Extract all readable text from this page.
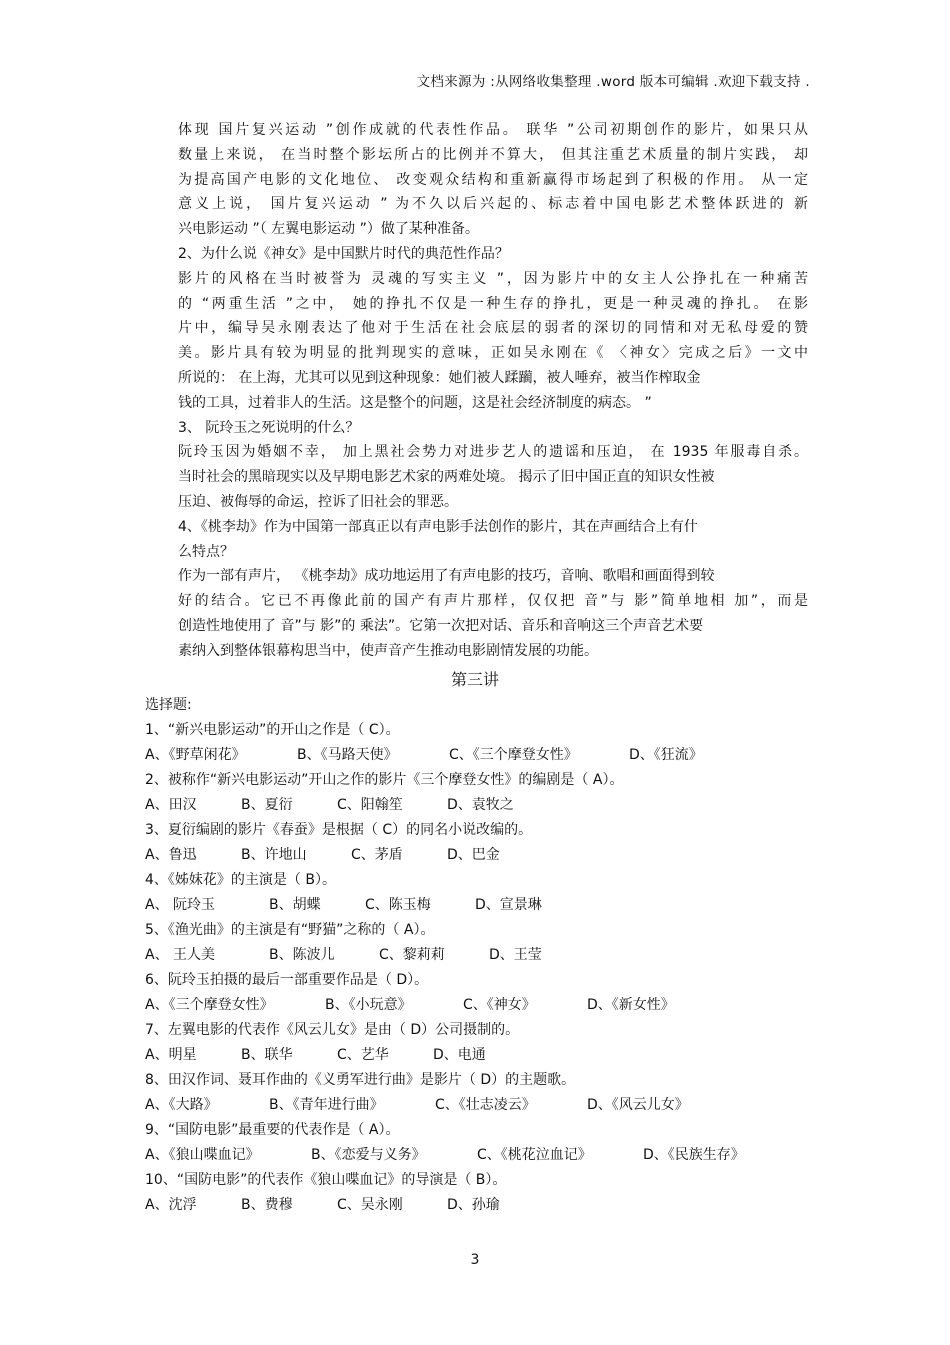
文档来源为 :从网络收集整理 .word 版本可编辑 .欢迎下载支持 .
体现 国片复兴运动 ”创作成就的代表性作品。 联华 ”公司初期创作的影片，如果只从
数量上来说， 在当时整个影坛所占的比例并不算大， 但其注重艺术质量的制片实践， 却
为提高国产电影的文化地位、 改变观众结构和重新赢得市场起到了积极的作用。 从一定
意义上说， 国片复兴运动 ” 为不久以后兴起的、标志着中国电影艺术整体跃进的 新
兴电影运动 ”（ 左翼电影运动 ”）做了某种准备。
2、为什么说《神女》是中国默片时代的典范性作品？
影片的风格在当时被誉为 灵魂的写实主义 ”，因为影片中的女主人公挣扎在一种痛苦
的 “两重生活 ”之中， 她的挣扎不仅是一种生存的挣扎，更是一种灵魂的挣扎。 在影
片中，编导吴永刚表达了他对于生活在社会底层的弱者的深切的同情和对无私母爱的赞
美。影片具有较为明显的批判现实的意味，正如吴永刚在《 〈神女〉完成之后》一文中
所说的： 在上海，尤其可以见到这种现象：她们被人蹂躏，被人唾弃，被当作榨取金
钱的工具，过着非人的生活。这是整个的问题，这是社会经济制度的病态。 ”
3、 阮玲玉之死说明的什么？
阮玲玉因为婚姻不幸， 加上黑社会势力对进步艺人的遗谣和压迫， 在 1935 年服毒自杀。
当时社会的黑暗现实以及早期电影艺术家的两难处境。 揭示了旧中国正直的知识女性被
压迫、被侮辱的命运，控诉了旧社会的罪恶。
4、《桃李劫》作为中国第一部真正以有声电影手法创作的影片，其在声画结合上有什
么特点？
作为一部有声片， 《桃李劫》成功地运用了有声电影的技巧，音响、歌唱和画面得到较
好的结合。它已不再像此前的国产有声片那样，仅仅把 音”与 影”简单地相 加”，而是
创造性地使用了 音”与 影”的 乘法”。它第一次把对话、音乐和音响这三个声音艺术要
素纳入到整体银幕构思当中，使声音产生推动电影剧情发展的功能。
第三讲
选择题:
1、“新兴电影运动”的开山之作是（ C）。
A、《野草闲花》	B、《马路天使》	C、《三个摩登女性》	D、《狂流》
2、被称作“新兴电影运动”开山之作的影片《三个摩登女性》的编剧是（ A）。
A、田汉	B、夏衍	C、阳翰笙	D、袁牧之
3、夏衍编剧的影片《春蚕》是根据（ C）的同名小说改编的。
A、鲁迅	B、许地山	C、茅盾	D、巴金
4、《姊妹花》的主演是（ B）。
A、 阮玲玉	B、胡蝶	C、陈玉梅	D、宣景琳
5、《渔光曲》的主演是有“野猫”之称的（ A）。
A、 王人美	B、陈波儿	C、黎莉莉	D、王莹
6、阮玲玉拍摄的最后一部重要作品是（ D）。
A、《三个摩登女性》	B、《小玩意》	C、《神女》	D、《新女性》
7、左翼电影的代表作《风云儿女》是由（ D）公司摄制的。
A、明星	B、联华	C、艺华	D、电通
8、田汉作词、聂耳作曲的《义勇军进行曲》是影片（ D）的主题歌。
A、《大路》	B、《青年进行曲》	C、《壮志凌云》	D、《风云儿女》
9、“国防电影”最重要的代表作是（ A）。
A、《狼山喋血记》	B、《恋爱与义务》	C、《桃花泣血记》	D、《民族生存》
10、“国防电影”的代表作《狼山喋血记》的导演是（ B）。
A、沈浮	B、费穆	C、吴永刚	D、孙瑜
3
